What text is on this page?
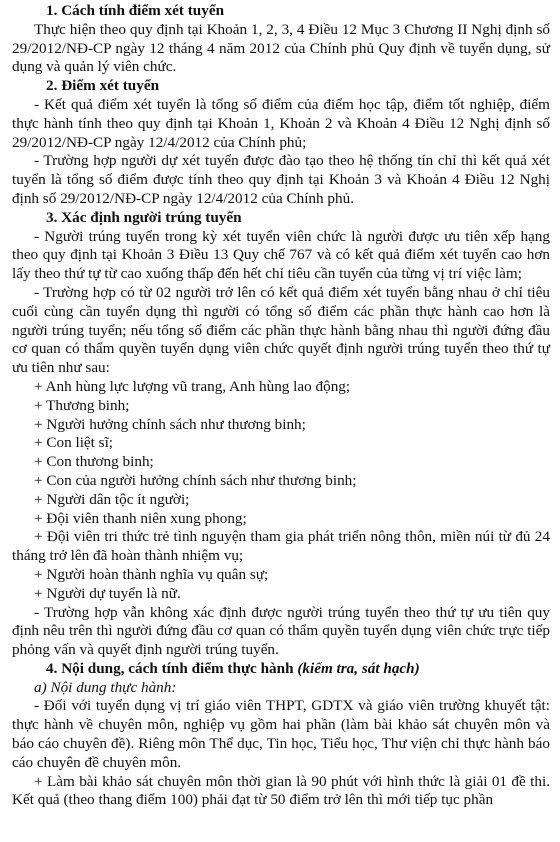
1. Cách tính điểm xét tuyển

Thực hiện theo quy định tại Khoản 1, 2, 3, 4 Điều 12 Mục 3 Chương II Nghị định số 29/2012/NĐ-CP ngày 12 tháng 4 năm 2012 của Chính phủ Quy định về tuyển dụng, sử dụng và quản lý viên chức.

2. Điểm xét tuyển

- Kết quả điểm xét tuyển là tổng số điểm của điểm học tập, điểm tốt nghiệp, điểm thực hành tính theo quy định tại Khoản 1, Khoản 2 và Khoản 4 Điều 12 Nghị định số 29/2012/NĐ-CP ngày 12/4/2012 của Chính phủ;

- Trường hợp người dự xét tuyển được đào tạo theo hệ thống tín chỉ thì kết quả xét tuyển là tổng số điểm được tính theo quy định tại Khoản 3 và Khoản 4 Điều 12 Nghị định số 29/2012/NĐ-CP ngày 12/4/2012 của Chính phủ.

3. Xác định người trúng tuyển

- Người trúng tuyển trong kỳ xét tuyển viên chức là người được ưu tiên xếp hạng theo quy định tại Khoản 3 Điều 13 Quy chế 767 và có kết quả điểm xét tuyển cao hơn lấy theo thứ tự từ cao xuống thấp đến hết chỉ tiêu cần tuyển của từng vị trí việc làm;

- Trường hợp có từ 02 người trở lên có kết quả điểm xét tuyển bằng nhau ở chỉ tiêu cuối cùng cần tuyển dụng thì người có tổng số điểm các phần thực hành cao hơn là người trúng tuyển; nếu tổng số điểm các phần thực hành bằng nhau thì người đứng đầu cơ quan có thẩm quyền tuyển dụng viên chức quyết định người trúng tuyển theo thứ tự ưu tiên như sau:

+ Anh hùng lực lượng vũ trang, Anh hùng lao động;

+ Thương binh;

+ Người hưởng chính sách như thương binh;

+ Con liệt sĩ;

+ Con thương binh;

+ Con của người hưởng chính sách như thương binh;

+ Người dân tộc ít người;

+ Đội viên thanh niên xung phong;

+ Đội viên tri thức trẻ tình nguyện tham gia phát triển nông thôn, miền núi từ đủ 24 tháng trở lên đã hoàn thành nhiệm vụ;

+ Người hoàn thành nghĩa vụ quân sự;

+ Người dự tuyển là nữ.

- Trường hợp vẫn không xác định được người trúng tuyển theo thứ tự ưu tiên quy định nêu trên thì người đứng đầu cơ quan có thẩm quyền tuyển dụng viên chức trực tiếp phỏng vấn và quyết định người trúng tuyển.

4. Nội dung, cách tính điểm thực hành (kiểm tra, sát hạch)

a) Nội dung thực hành:

- Đối với tuyển dụng vị trí giáo viên THPT, GDTX và giáo viên trường khuyết tật: thực hành về chuyên môn, nghiệp vụ gồm hai phần (làm bài khảo sát chuyên môn và báo cáo chuyên đề). Riêng môn Thể dục, Tin học, Tiểu học, Thư viện chỉ thực hành báo cáo chuyên đề chuyên môn.

+ Làm bài khảo sát chuyên môn thời gian là 90 phút với hình thức là giải 01 đề thi. Kết quả (theo thang điểm 100) phải đạt từ 50 điểm trở lên thì mới tiếp tục phần
